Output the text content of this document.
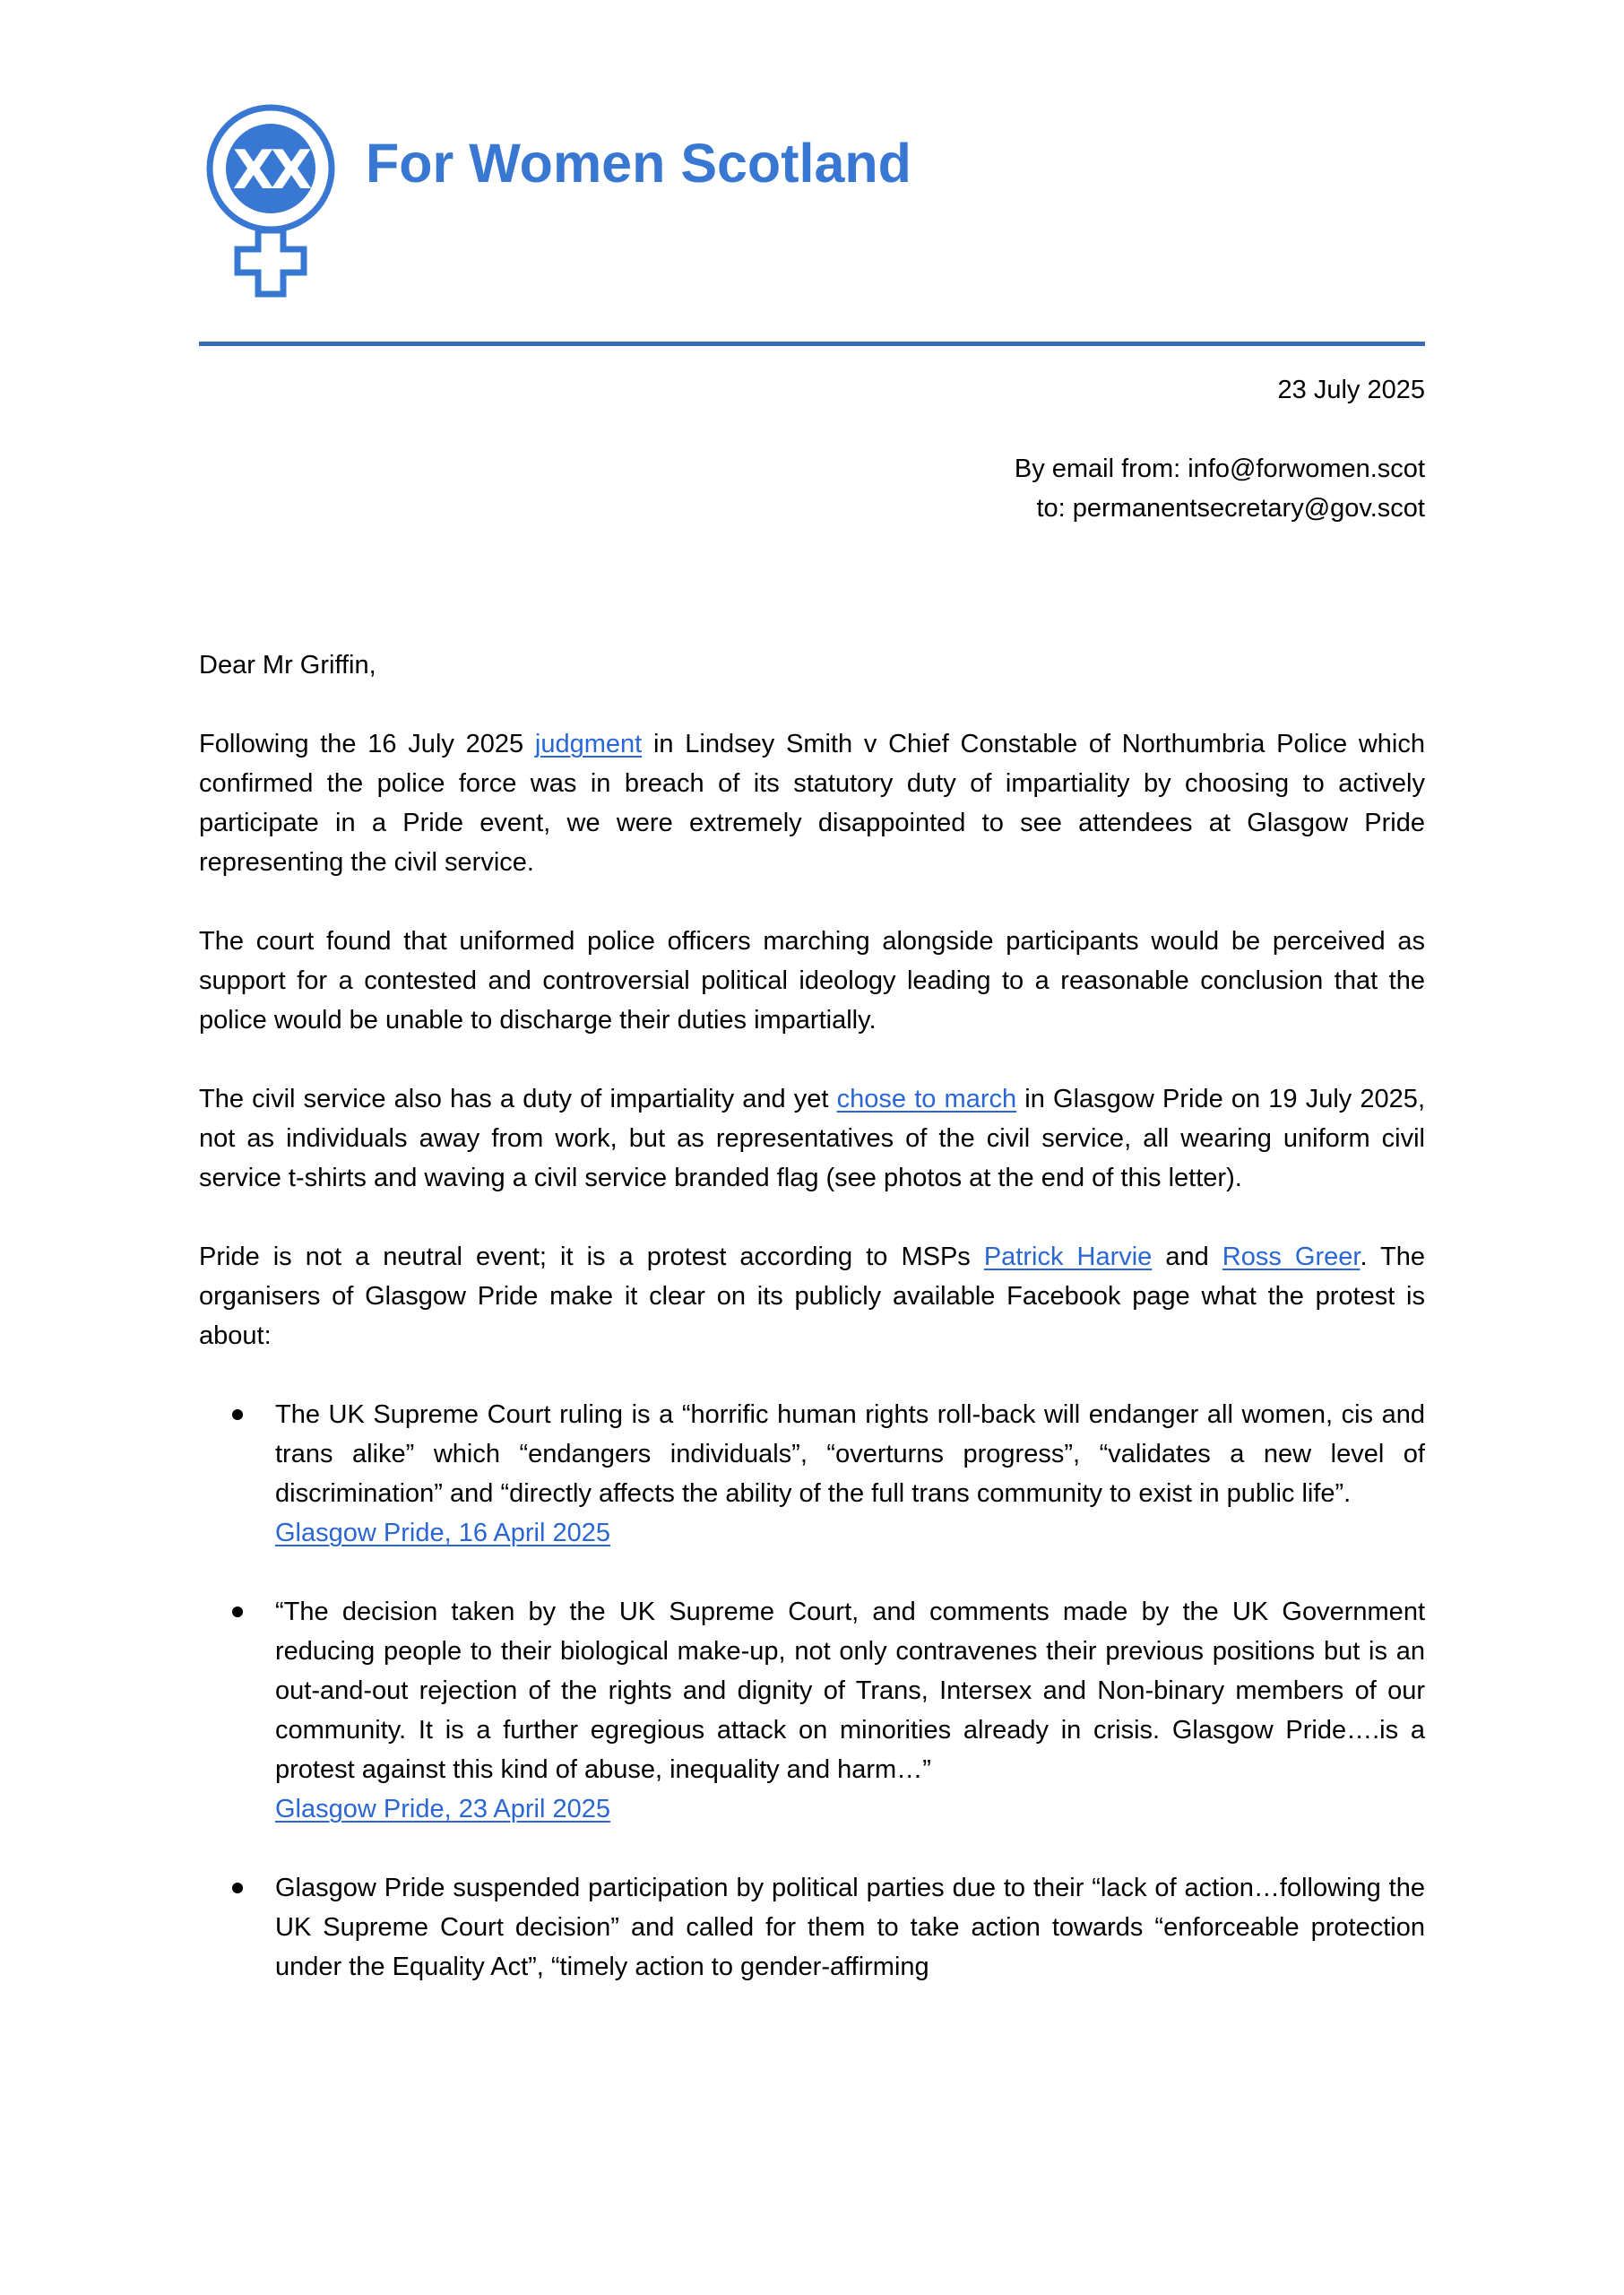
XX For Women Scotland
23 July 2025
By email from: info@forwomen.scot
to: permanentsecretary@gov.scot

Dear Mr Griffin,

Following the 16 July 2025 judgment in Lindsey Smith v Chief Constable of Northumbria Police which confirmed the police force was in breach of its statutory duty of impartiality by choosing to actively participate in a Pride event, we were extremely disappointed to see attendees at Glasgow Pride representing the civil service.

The court found that uniformed police officers marching alongside participants would be perceived as support for a contested and controversial political ideology leading to a reasonable conclusion that the police would be unable to discharge their duties impartially.

The civil service also has a duty of impartiality and yet chose to march in Glasgow Pride on 19 July 2025, not as individuals away from work, but as representatives of the civil service, all wearing uniform civil service t-shirts and waving a civil service branded flag (see photos at the end of this letter).

Pride is not a neutral event; it is a protest according to MSPs Patrick Harvie and Ross Greer. The organisers of Glasgow Pride make it clear on its publicly available Facebook page what the protest is about:

The UK Supreme Court ruling is a “horrific human rights roll-back will endanger all women, cis and trans alike” which “endangers individuals”, “overturns progress”, “validates a new level of discrimination” and “directly affects the ability of the full trans community to exist in public life”.
Glasgow Pride, 16 April 2025
“The decision taken by the UK Supreme Court, and comments made by the UK Government reducing people to their biological make-up, not only contravenes their previous positions but is an out-and-out rejection of the rights and dignity of Trans, Intersex and Non-binary members of our community. It is a further egregious attack on minorities already in crisis. Glasgow Pride….is a protest against this kind of abuse, inequality and harm…”
Glasgow Pride, 23 April 2025
Glasgow Pride suspended participation by political parties due to their “lack of action…following the UK Supreme Court decision” and called for them to take action towards “enforceable protection under the Equality Act”, “timely action to gender-affirming
